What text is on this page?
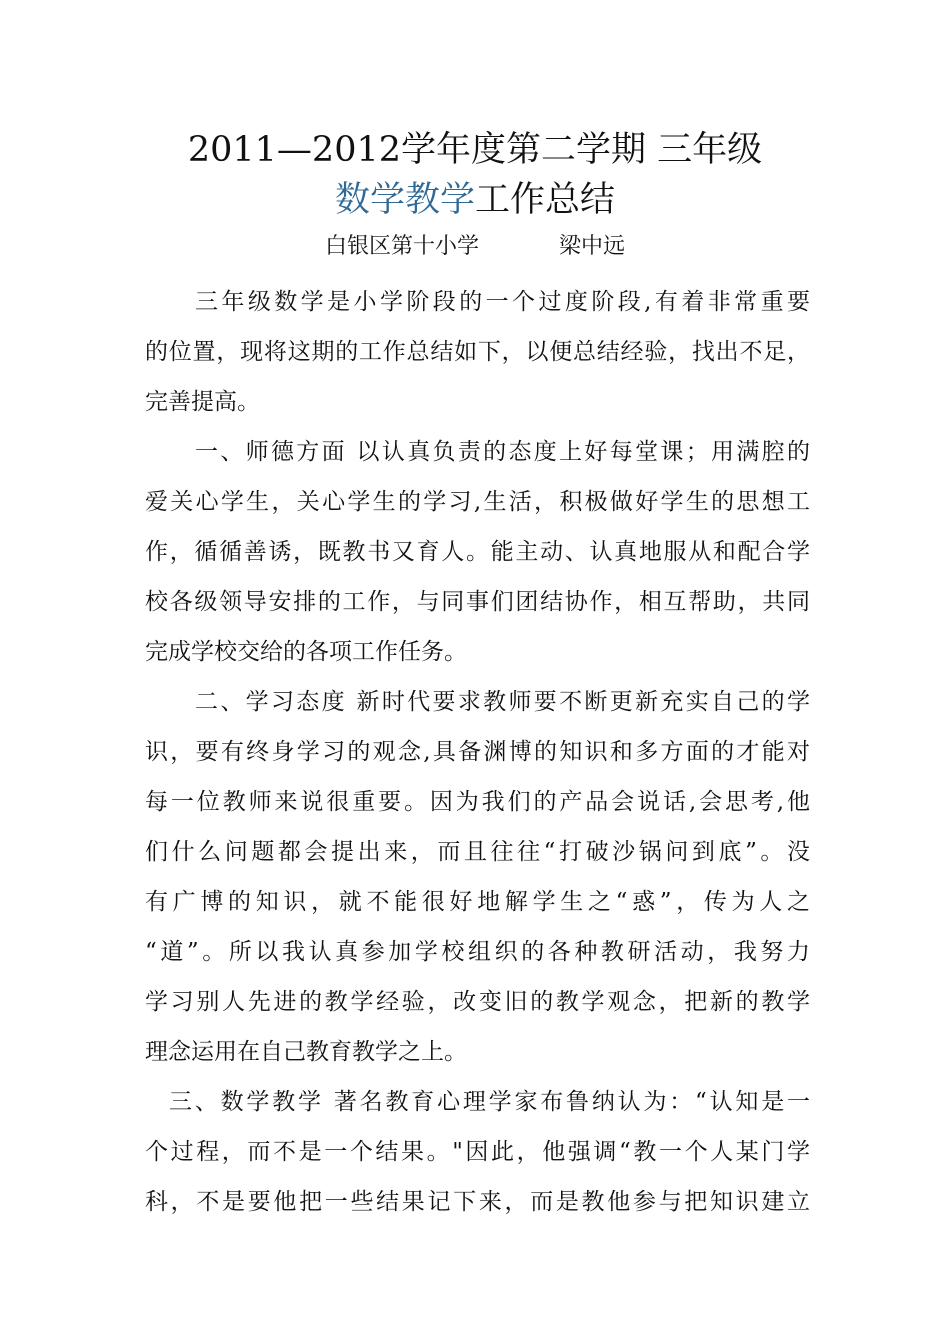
2011—2012学年度第二学期 三年级
数学教学工作总结
白银区第十小学	梁中远
三年级数学是小学阶段的一个过度阶段,有着非常重要
的位置，现将这期的工作总结如下，以便总结经验，找出不足，
完善提高。
一、师德方面 以认真负责的态度上好每堂课；用满腔的
爱关心学生，关心学生的学习,生活，积极做好学生的思想工
作，循循善诱，既教书又育人。能主动、认真地服从和配合学
校各级领导安排的工作，与同事们团结协作，相互帮助，共同
完成学校交给的各项工作任务。
二、学习态度 新时代要求教师要不断更新充实自己的学
识，要有终身学习的观念,具备渊博的知识和多方面的才能对
每一位教师来说很重要。因为我们的产品会说话,会思考,他
们什么问题都会提出来，而且往往“打破沙锅问到底”。没
有广博的知识，就不能很好地解学生之“惑”，传为人之
“道”。所以我认真参加学校组织的各种教研活动，我努力
学习别人先进的教学经验，改变旧的教学观念，把新的教学
理念运用在自己教育教学之上。
三、数学教学 著名教育心理学家布鲁纳认为：“认知是一
个过程，而不是一个结果。"因此，他强调“教一个人某门学
科，不是要他把一些结果记下来，而是教他参与把知识建立
